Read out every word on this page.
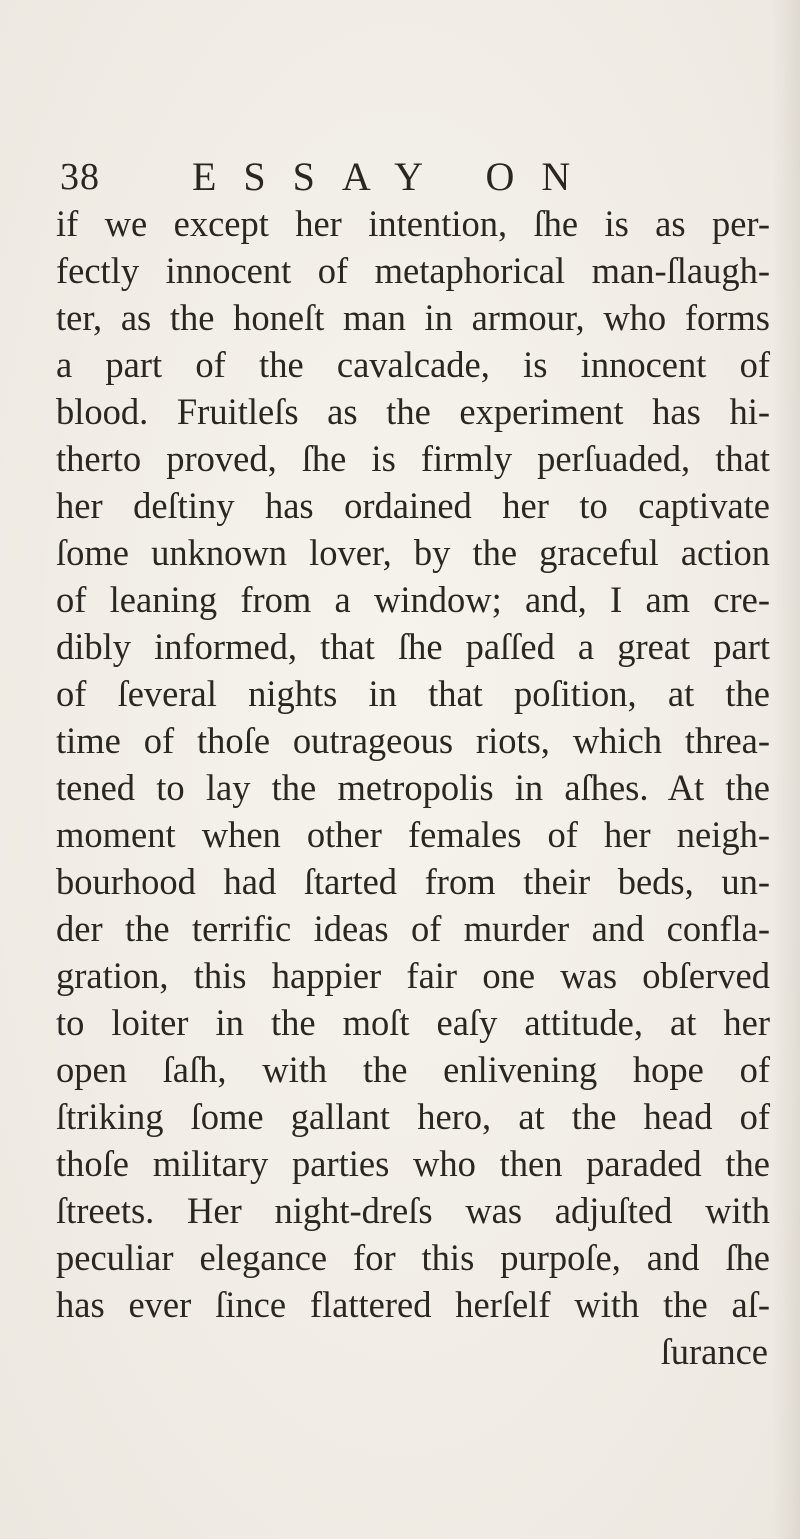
38 ESSAY ON
if we except her intention, ſhe is as per-
fectly innocent of metaphorical man-ſlaugh-
ter, as the honeſt man in armour, who forms
a part of the cavalcade, is innocent of
blood. Fruitleſs as the experiment has hi-
therto proved, ſhe is firmly perſuaded, that
her deſtiny has ordained her to captivate
ſome unknown lover, by the graceful action
of leaning from a window; and, I am cre-
dibly informed, that ſhe paſſed a great part
of ſeveral nights in that poſition, at the
time of thoſe outrageous riots, which threa-
tened to lay the metropolis in aſhes. At the
moment when other females of her neigh-
bourhood had ſtarted from their beds, un-
der the terrific ideas of murder and confla-
gration, this happier fair one was obſerved
to loiter in the moſt eaſy attitude, at her
open ſaſh, with the enlivening hope of
ſtriking ſome gallant hero, at the head of
thoſe military parties who then paraded the
ſtreets. Her night-dreſs was adjuſted with
peculiar elegance for this purpoſe, and ſhe
has ever ſince flattered herſelf with the aſ-
ſurance
